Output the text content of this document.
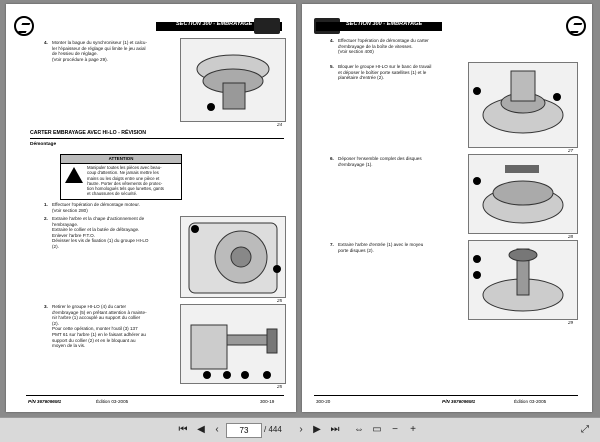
SECTION 300 - EMBRAYAGE
4. Monter la bague du synchroniseur (1) et calcu-
ler l'épaisseur de réglage qui limite le jeu axial
de l'essieu de réglage.
(Voir procédure à page 29).
24
CARTER EMBRAYAGE AVEC HI-LO - RÉVISION
Démontage
ATTENTION
Manipuler toutes les pièces avec beau-
coup d'attention. Ne jamais mettre les
mains ou les doigts entre une pièce et
l'autre. Porter des vêtements de protec-
tion homologués tels que lunettes, gants
et chaussures de sécurité.
1. Effectuer l'opération de démontage moteur.
(Voir section 280)
2. Extraire l'arbre et la chape d'actionnement de
l'embrayage.
Extraire le collier et la butée de débrayage.
Enlever l'arbre P.T.O.
Dévisser les vis de fixation (1) du groupe HI-LO
(2).
25
3. Retirer le groupe HI-LO (4) du carter
d'embrayage (5) en prêtant attention à mainte-
nir l'arbre (1) accouplé au support du collier
(2).
Pour cette opération, monter l'outil (3) 137
PMT 61 sur l'arbre (1) en le faisant adhérer au
support du collier (2) et en le bloquant au
moyen de la vis.
25
P/N 3676096M1	Édition 03-2005	300-19
SECTION 300 - EMBRAYAGE
4. Effectuer l'opération de démontage du carter
d'embrayage de la boîte de vitesses.
(Voir section 400)
5. Bloquer le groupe HI-LO sur le banc de travail
et déposer le boîtier porte satellites (1) et le
planétaire d'entrée (2).
27
6. Déposer l'ensemble complet des disques
d'embrayage (1).
28
7. Extraire l'arbre d'entrée (1) avec le moyeu
porte disques (2).
29
300-20	P/N 3676096M1	Édition 03-2005
⏮ ◀	‹
73	/ 444	›	▶ ⏭ ⇔ ▭	−	+	⤢
